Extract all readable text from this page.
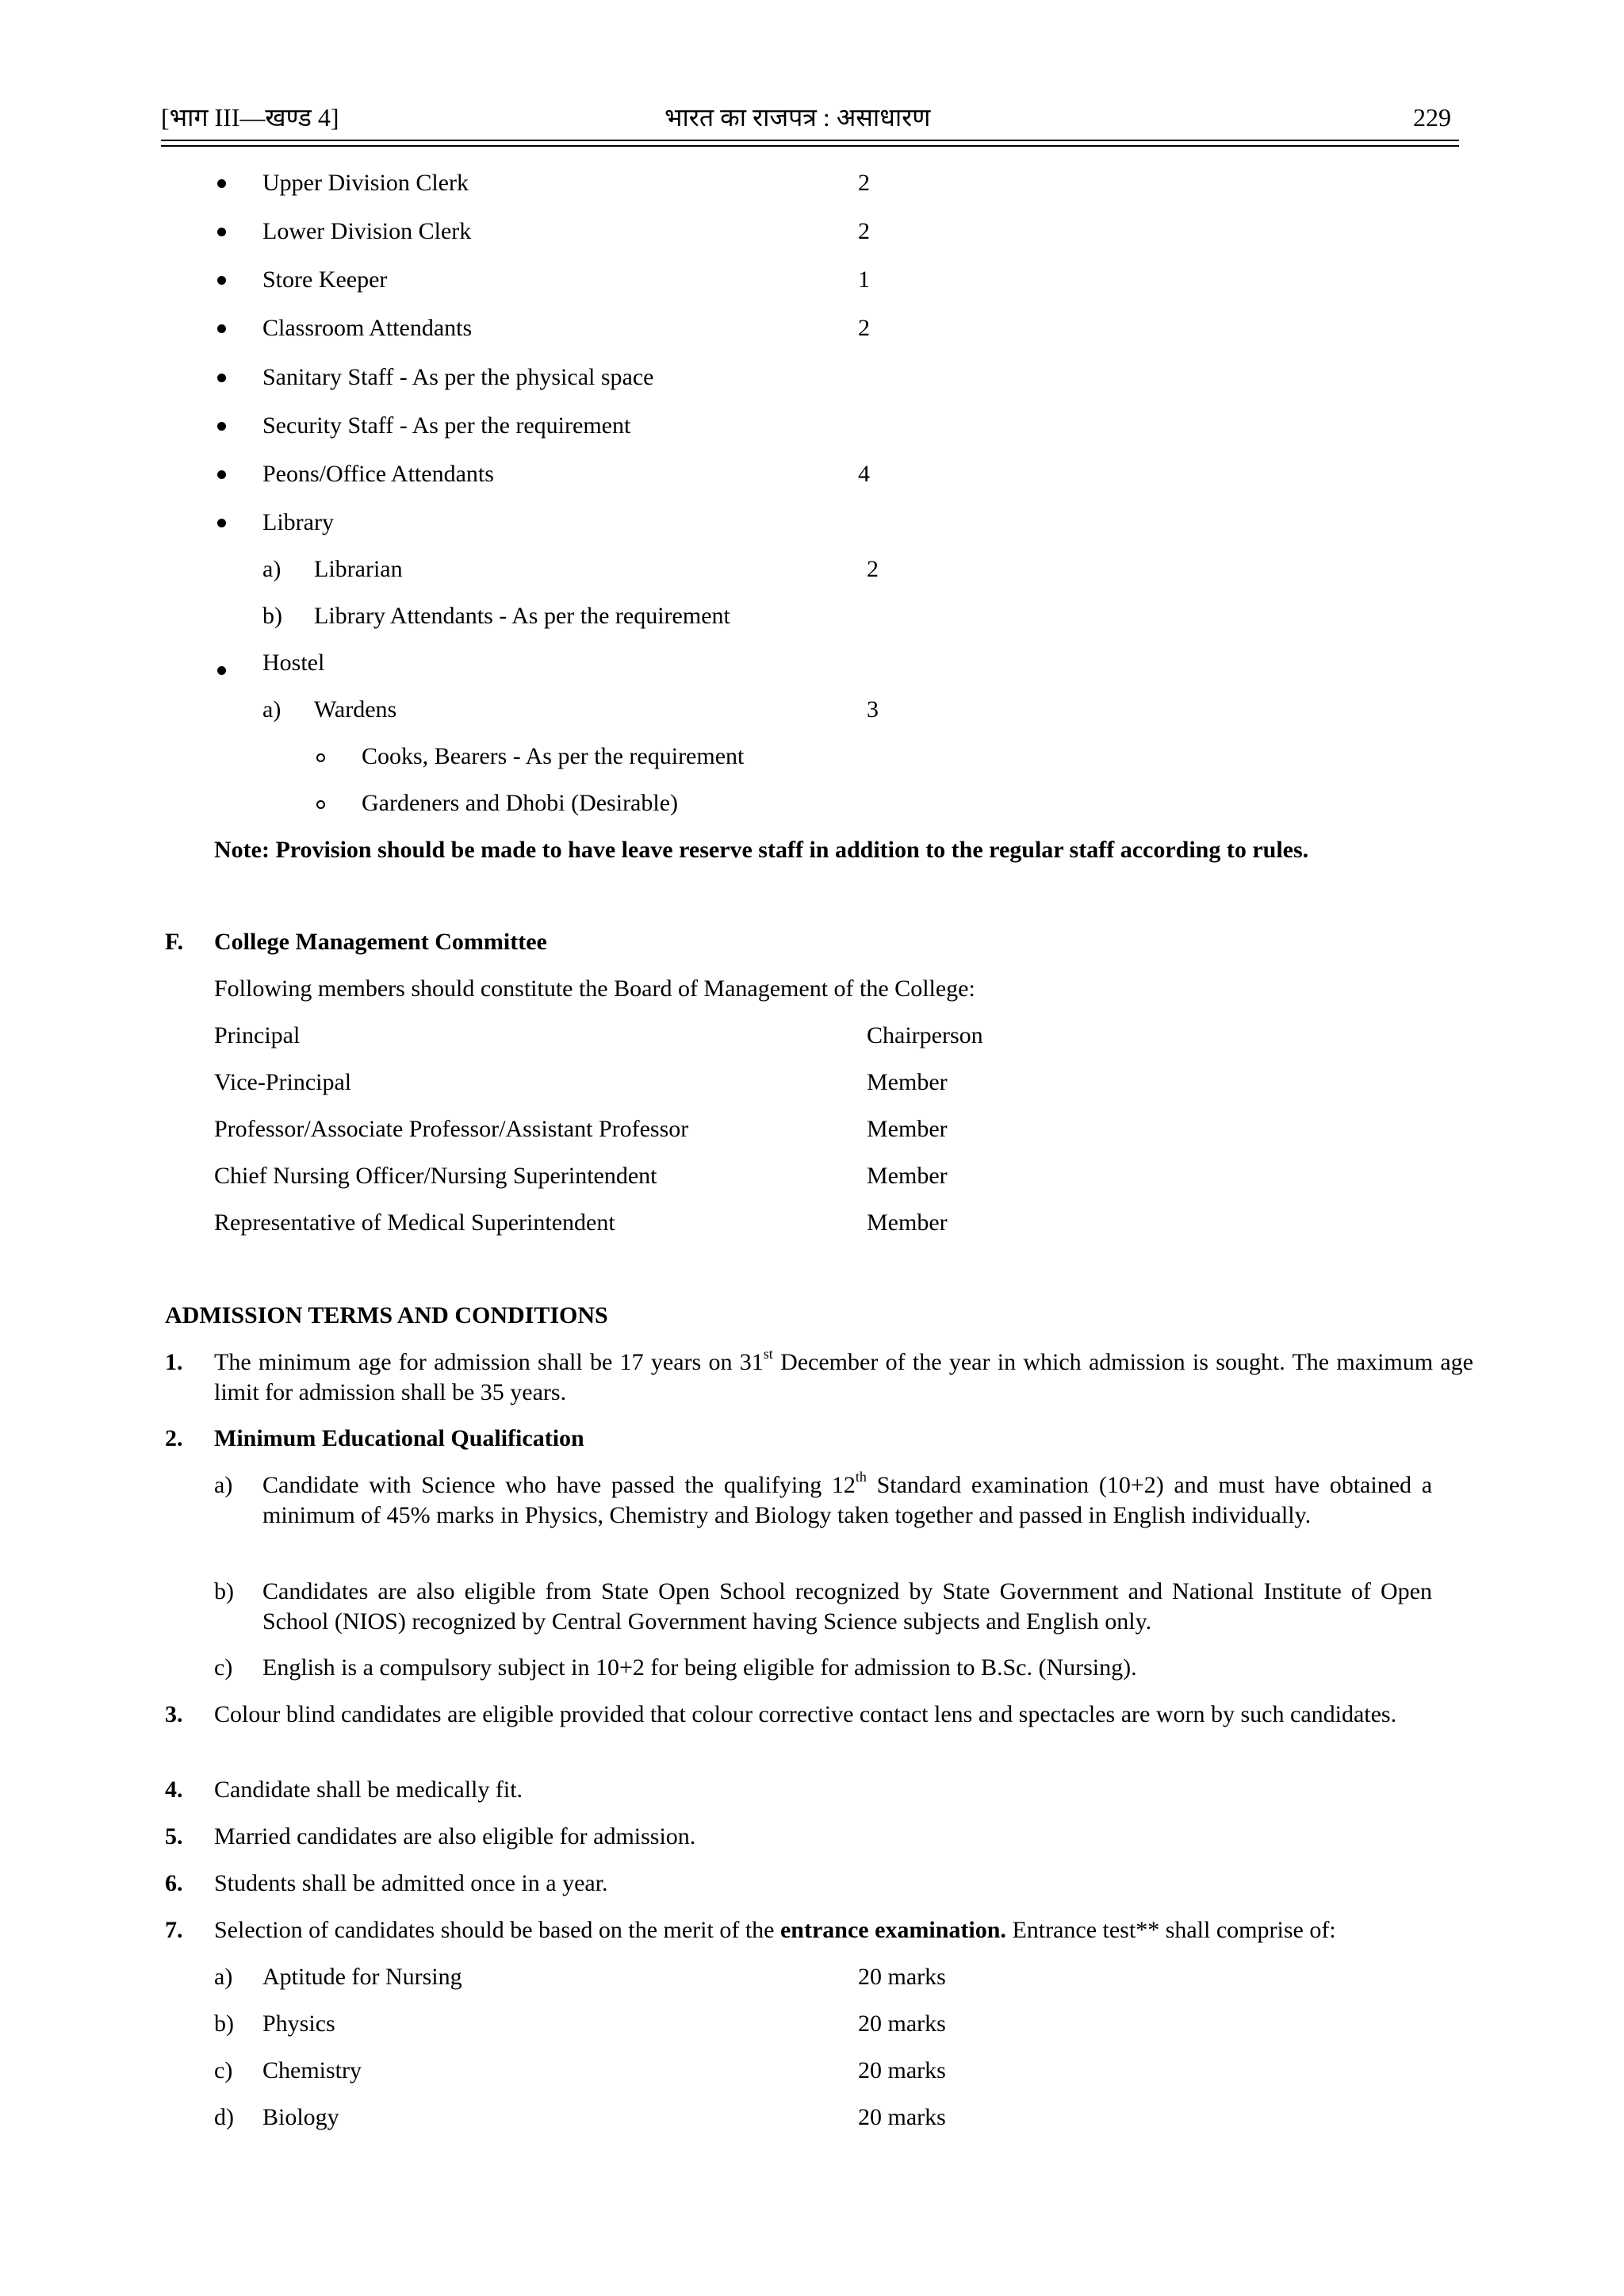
[भाग III—खण्ड 4]	भारत का राजपत्र : असाधारण	229
Upper Division Clerk	2
Lower Division Clerk	2
Store Keeper	1
Classroom Attendants	2
Sanitary Staff - As per the physical space
Security Staff - As per the requirement
Peons/Office Attendants	4
Library
a) Librarian	2
b) Library Attendants - As per the requirement
Hostel
a) Wardens	3
Cooks, Bearers - As per the requirement
Gardeners and Dhobi (Desirable)
Note: Provision should be made to have leave reserve staff in addition to the regular staff according to rules.
F. College Management Committee
Following members should constitute the Board of Management of the College:
Principal	Chairperson
Vice-Principal	Member
Professor/Associate Professor/Assistant Professor	Member
Chief Nursing Officer/Nursing Superintendent	Member
Representative of Medical Superintendent	Member
ADMISSION TERMS AND CONDITIONS
1. The minimum age for admission shall be 17 years on 31st December of the year in which admission is sought. The maximum age limit for admission shall be 35 years.
2. Minimum Educational Qualification
a) Candidate with Science who have passed the qualifying 12th Standard examination (10+2) and must have obtained a minimum of 45% marks in Physics, Chemistry and Biology taken together and passed in English individually.
b) Candidates are also eligible from State Open School recognized by State Government and National Institute of Open School (NIOS) recognized by Central Government having Science subjects and English only.
c) English is a compulsory subject in 10+2 for being eligible for admission to B.Sc. (Nursing).
3. Colour blind candidates are eligible provided that colour corrective contact lens and spectacles are worn by such candidates.
4. Candidate shall be medically fit.
5. Married candidates are also eligible for admission.
6. Students shall be admitted once in a year.
7. Selection of candidates should be based on the merit of the entrance examination. Entrance test** shall comprise of:
a) Aptitude for Nursing	20 marks
b) Physics	20 marks
c) Chemistry	20 marks
d) Biology	20 marks
